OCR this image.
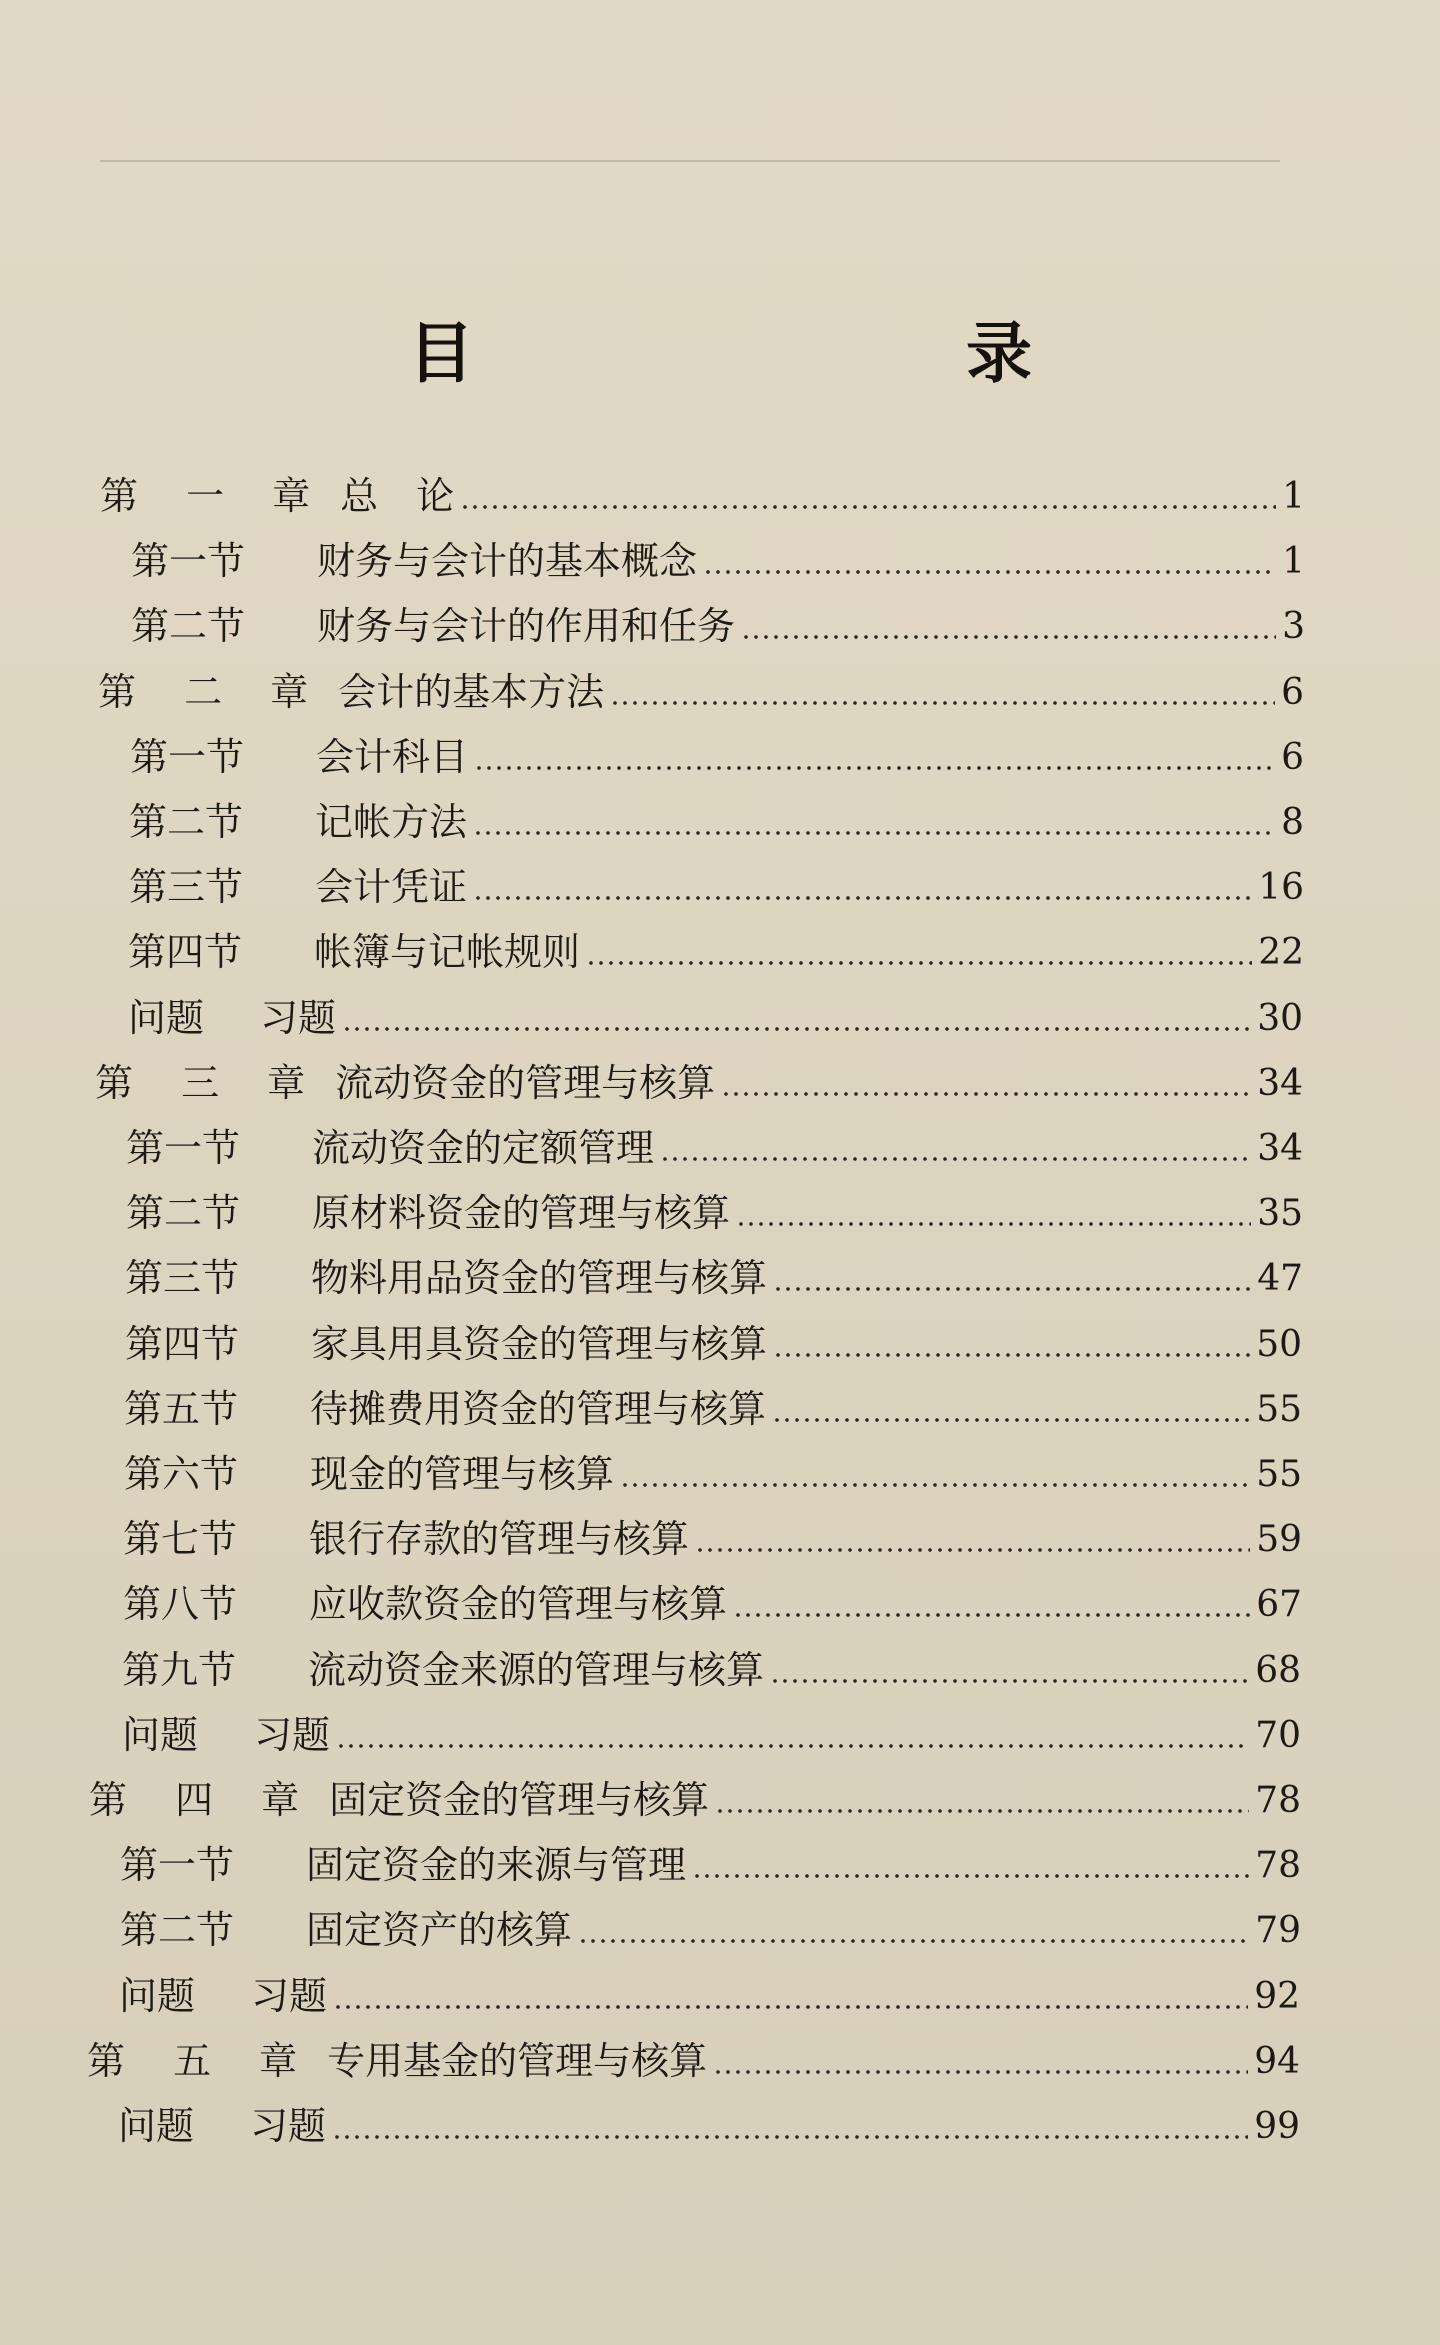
目　　录
第 一 章 总　论	1
第一节	财务与会计的基本概念	1
第二节	财务与会计的作用和任务	3
第 二 章 会计的基本方法	6
第一节	会计科目	6
第二节	记帐方法	8
第三节	会计凭证	16
第四节	帐簿与记帐规则	22
问题	习题	30
第 三 章 流动资金的管理与核算	34
第一节	流动资金的定额管理	34
第二节	原材料资金的管理与核算	35
第三节	物料用品资金的管理与核算	47
第四节	家具用具资金的管理与核算	50
第五节	待摊费用资金的管理与核算	55
第六节	现金的管理与核算	55
第七节	银行存款的管理与核算	59
第八节	应收款资金的管理与核算	67
第九节	流动资金来源的管理与核算	68
问题	习题	70
第 四 章 固定资金的管理与核算	78
第一节	固定资金的来源与管理	78
第二节	固定资产的核算	79
问题	习题	92
第 五 章 专用基金的管理与核算	94
问题	习题	99
